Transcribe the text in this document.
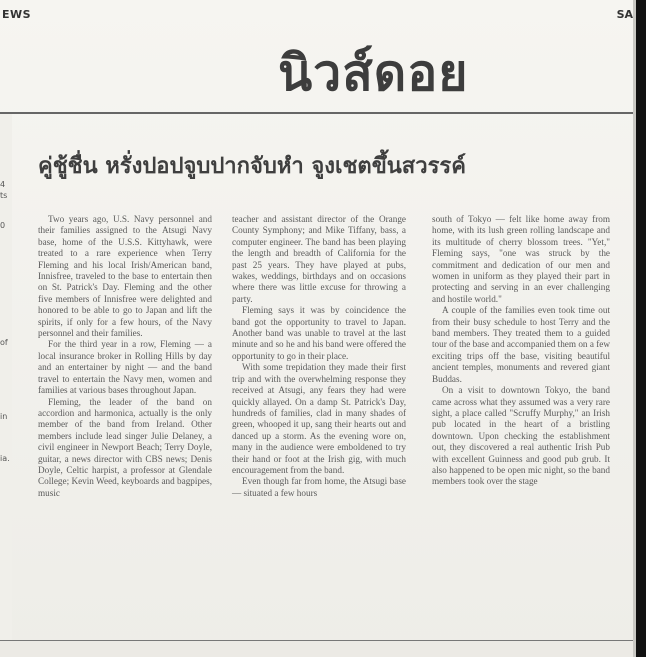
EWS	SA
นิวส์ดอย
4
ts
0
of
in
ia.
คู่ชู้ชื่น หรั่งปอปจูบปากจับหำ จูงเชตขึ้นสวรรค์

Two years ago, U.S. Navy personnel and their families assigned to the Atsugi Navy base, home of the U.S.S. Kittyhawk, were treated to a rare experience when Terry Fleming and his local Irish/American band, Innisfree, traveled to the base to entertain then on St. Patrick's Day. Fleming and the other five members of Innisfree were delighted and honored to be able to go to Japan and lift the spirits, if only for a few hours, of the Navy personnel and their families.

For the third year in a row, Fleming — a local insurance broker in Rolling Hills by day and an entertainer by night — and the band travel to entertain the Navy men, women and families at various bases throughout Japan.

Fleming, the leader of the band on accordion and harmonica, actually is the only member of the band from Ireland. Other members include lead singer Julie Delaney, a civil engineer in Newport Beach; Terry Doyle, guitar, a news director with CBS news; Denis Doyle, Celtic harpist, a professor at Glendale College; Kevin Weed, keyboards and bagpipes, music

teacher and assistant director of the Orange County Symphony; and Mike Tiffany, bass, a computer engineer. The band has been playing the length and breadth of California for the past 25 years. They have played at pubs, wakes, weddings, birthdays and on occasions where there was little excuse for throwing a party.

Fleming says it was by coincidence the band got the opportunity to travel to Japan. Another band was unable to travel at the last minute and so he and his band were offered the opportunity to go in their place.

With some trepidation they made their first trip and with the overwhelming response they received at Atsugi, any fears they had were quickly allayed. On a damp St. Patrick's Day, hundreds of families, clad in many shades of green, whooped it up, sang their hearts out and danced up a storm. As the evening wore on, many in the audience were emboldened to try their hand or foot at the Irish gig, with much encouragement from the band.

Even though far from home, the Atsugi base — situated a few hours

south of Tokyo — felt like home away from home, with its lush green rolling landscape and its multitude of cherry blossom trees. "Yet," Fleming says, "one was struck by the commitment and dedication of our men and women in uniform as they played their part in protecting and serving in an ever challenging and hostile world."

A couple of the families even took time out from their busy schedule to host Terry and the band members. They treated them to a guided tour of the base and accompanied them on a few exciting trips off the base, visiting beautiful ancient temples, monuments and revered giant Buddas.

On a visit to downtown Tokyo, the band came across what they assumed was a very rare sight, a place called "Scruffy Murphy," an Irish pub located in the heart of a bristling downtown. Upon checking the establishment out, they discovered a real authentic Irish Pub with excellent Guinness and good pub grub. It also happened to be open mic night, so the band members took over the stage
